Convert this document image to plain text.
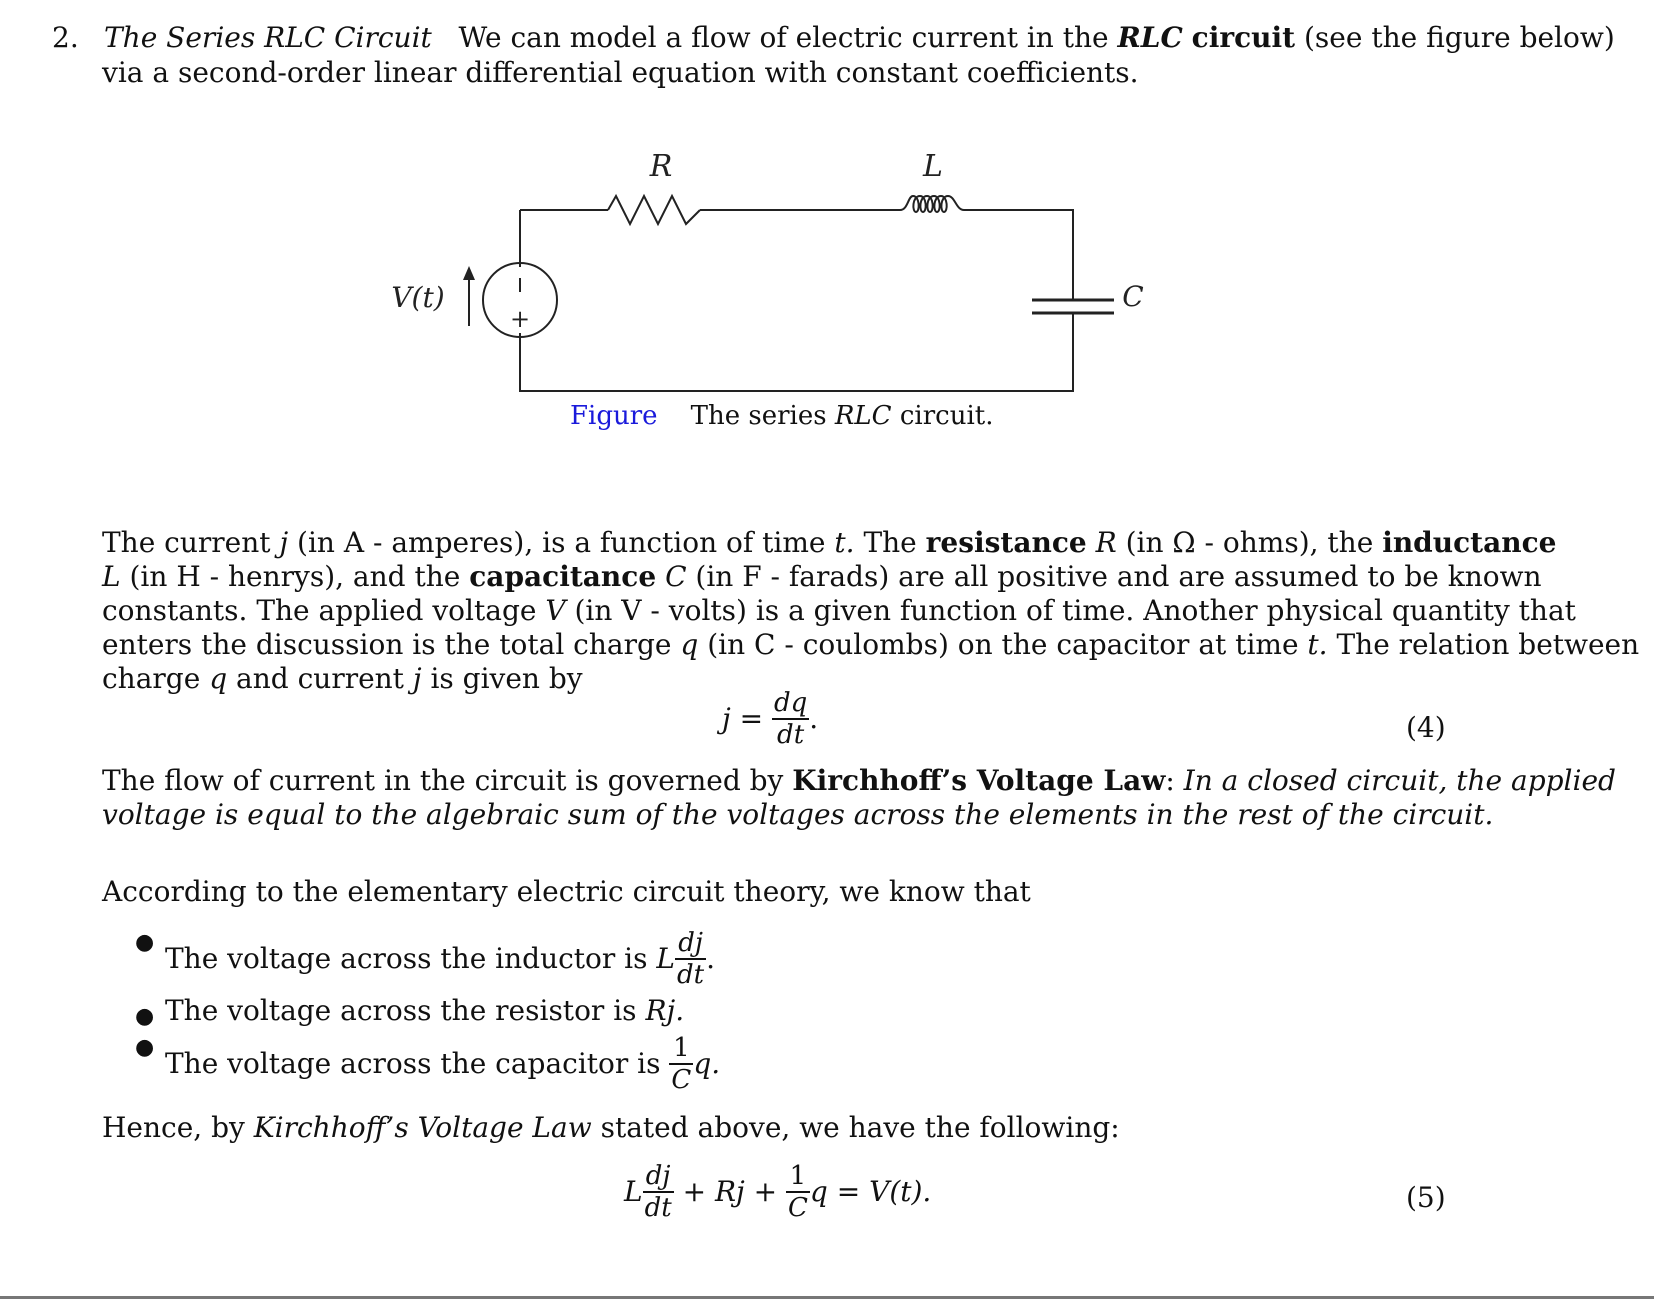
2. The Series RLC Circuit We can model a flow of electric current in the RLC circuit (see the figure below)
via a second-order linear differential equation with constant coefficients.
+
R	L
C
V(t)
Figure The series RLC circuit.
The current j (in A - amperes), is a function of time t. The resistance R (in Ω - ohms), the inductance
L (in H - henrys), and the capacitance C (in F - farads) are all positive and are assumed to be known
constants. The applied voltage V (in V - volts) is a given function of time. Another physical quantity that
enters the discussion is the total charge q (in C - coulombs) on the capacitor at time t. The relation between
charge q and current j is given by
$j = \frac{dq}{dt}$ .	(4)
The flow of current in the circuit is governed by Kirchhoff’s Voltage Law: In a closed circuit, the applied
voltage is equal to the algebraic sum of the voltages across the elements in the rest of the circuit.
According to the elementary electric circuit theory, we know that
● The voltage across the inductor is L $\frac{dj}{dt}$ .
● The voltage across the resistor is Rj.
● The voltage across the capacitor is $\frac{1}{C} q$.
Hence, by Kirchhoff’s Voltage Law stated above, we have the following:
L $\frac{dj}{dt} + Rj + \frac{1}{C}$ q = V(t).	(5)
